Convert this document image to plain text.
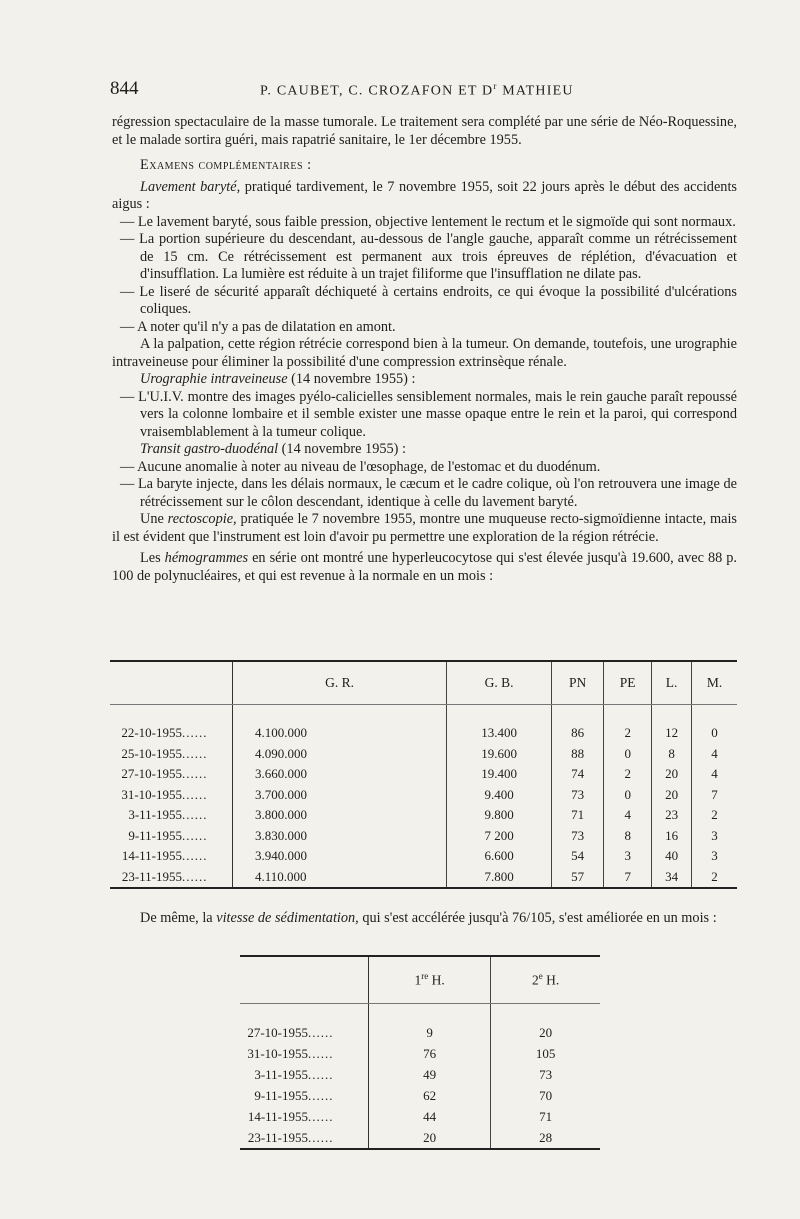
844	P. CAUBET, C. CROZAFON ET $D^r$ MATHIEU

régression spectaculaire de la masse tumorale. Le traitement sera complété par une série de Néo-Roquessine, et le malade sortira guéri, mais rapatrié sanitaire, le 1er décembre 1955.

Examens complémentaires :

Lavement baryté, pratiqué tardivement, le 7 novembre 1955, soit 22 jours après le début des accidents aigus :

— Le lavement baryté, sous faible pression, objective lentement le rectum et le sigmoïde qui sont normaux.

— La portion supérieure du descendant, au-dessous de l'angle gauche, apparaît comme un rétrécissement de 15 cm. Ce rétrécissement est permanent aux trois épreuves de réplétion, d'évacuation et d'insufflation. La lumière est réduite à un trajet filiforme que l'insufflation ne dilate pas.

— Le liseré de sécurité apparaît déchiqueté à certains endroits, ce qui évoque la possibilité d'ulcérations coliques.

— A noter qu'il n'y a pas de dilatation en amont.

A la palpation, cette région rétrécie correspond bien à la tumeur. On demande, toutefois, une urographie intraveineuse pour éliminer la possibilité d'une compression extrinsèque rénale.

Urographie intraveineuse (14 novembre 1955) :

— L'U.I.V. montre des images pyélo-calicielles sensiblement normales, mais le rein gauche paraît repoussé vers la colonne lombaire et il semble exister une masse opaque entre le rein et la paroi, qui correspond vraisemblablement à la tumeur colique.

Transit gastro-duodénal (14 novembre 1955) :

— Aucune anomalie à noter au niveau de l'œsophage, de l'estomac et du duodénum.

— La baryte injecte, dans les délais normaux, le cæcum et le cadre colique, où l'on retrouvera une image de rétrécissement sur le côlon descendant, identique à celle du lavement baryté.

Une rectoscopie, pratiquée le 7 novembre 1955, montre une muqueuse recto-sigmoïdienne intacte, mais il est évident que l'instrument est loin d'avoir pu permettre une exploration de la région rétrécie.

Les hémogrammes en série ont montré une hyperleucocytose qui s'est élevée jusqu'à 19.600, avec 88 p. 100 de polynucléaires, et qui est revenue à la normale en un mois :

	G. R.	G. B.	PN	PE	L.	M.

22-10-1955......	4.100.000	13.400	86	2	12	0
25-10-1955......	4.090.000	19.600	88	0	8	4
27-10-1955......	3.660.000	19.400	74	2	20	4
31-10-1955......	3.700.000	9.400	73	0	20	7
3-11-1955......	3.800.000	9.800	71	4	23	2
9-11-1955......	3.830.000	7 200	73	8	16	3
14-11-1955......	3.940.000	6.600	54	3	40	3
23-11-1955......	4.110.000	7.800	57	7	34	2

De même, la vitesse de sédimentation, qui s'est accélérée jusqu'à 76/105, s'est améliorée en un mois :

	1re H.	2e H.

27-10-1955......	9	20
31-10-1955......	76	105
3-11-1955......	49	73
9-11-1955......	62	70
14-11-1955......	44	71
23-11-1955......	20	28
